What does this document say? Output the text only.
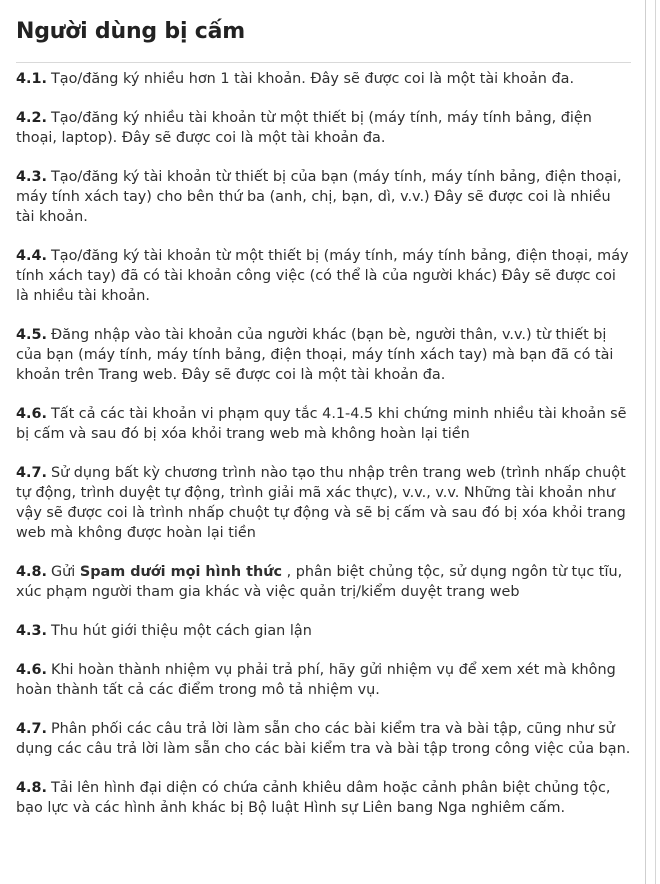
Người dùng bị cấm

4.1. Tạo/đăng ký nhiều hơn 1 tài khoản. Đây sẽ được coi là một tài khoản đa.

4.2. Tạo/đăng ký nhiều tài khoản từ một thiết bị (máy tính, máy tính bảng, điện thoại, laptop). Đây sẽ được coi là một tài khoản đa.

4.3. Tạo/đăng ký tài khoản từ thiết bị của bạn (máy tính, máy tính bảng, điện thoại, máy tính xách tay) cho bên thứ ba (anh, chị, bạn, dì, v.v.) Đây sẽ được coi là nhiều tài khoản.

4.4. Tạo/đăng ký tài khoản từ một thiết bị (máy tính, máy tính bảng, điện thoại, máy tính xách tay) đã có tài khoản công việc (có thể là của người khác) Đây sẽ được coi là nhiều tài khoản.

4.5. Đăng nhập vào tài khoản của người khác (bạn bè, người thân, v.v.) từ thiết bị của bạn (máy tính, máy tính bảng, điện thoại, máy tính xách tay) mà bạn đã có tài khoản trên Trang web. Đây sẽ được coi là một tài khoản đa.

4.6. Tất cả các tài khoản vi phạm quy tắc 4.1-4.5 khi chứng minh nhiều tài khoản sẽ bị cấm và sau đó bị xóa khỏi trang web mà không hoàn lại tiền

4.7. Sử dụng bất kỳ chương trình nào tạo thu nhập trên trang web (trình nhấp chuột tự động, trình duyệt tự động, trình giải mã xác thực), v.v., v.v. Những tài khoản như vậy sẽ được coi là trình nhấp chuột tự động và sẽ bị cấm và sau đó bị xóa khỏi trang web mà không được hoàn lại tiền

4.8. Gửi Spam dưới mọi hình thức , phân biệt chủng tộc, sử dụng ngôn từ tục tĩu, xúc phạm người tham gia khác và việc quản trị/kiểm duyệt trang web

4.3. Thu hút giới thiệu một cách gian lận

4.6. Khi hoàn thành nhiệm vụ phải trả phí, hãy gửi nhiệm vụ để xem xét mà không hoàn thành tất cả các điểm trong mô tả nhiệm vụ.

4.7. Phân phối các câu trả lời làm sẵn cho các bài kiểm tra và bài tập, cũng như sử dụng các câu trả lời làm sẵn cho các bài kiểm tra và bài tập trong công việc của bạn.

4.8. Tải lên hình đại diện có chứa cảnh khiêu dâm hoặc cảnh phân biệt chủng tộc, bạo lực và các hình ảnh khác bị Bộ luật Hình sự Liên bang Nga nghiêm cấm.
